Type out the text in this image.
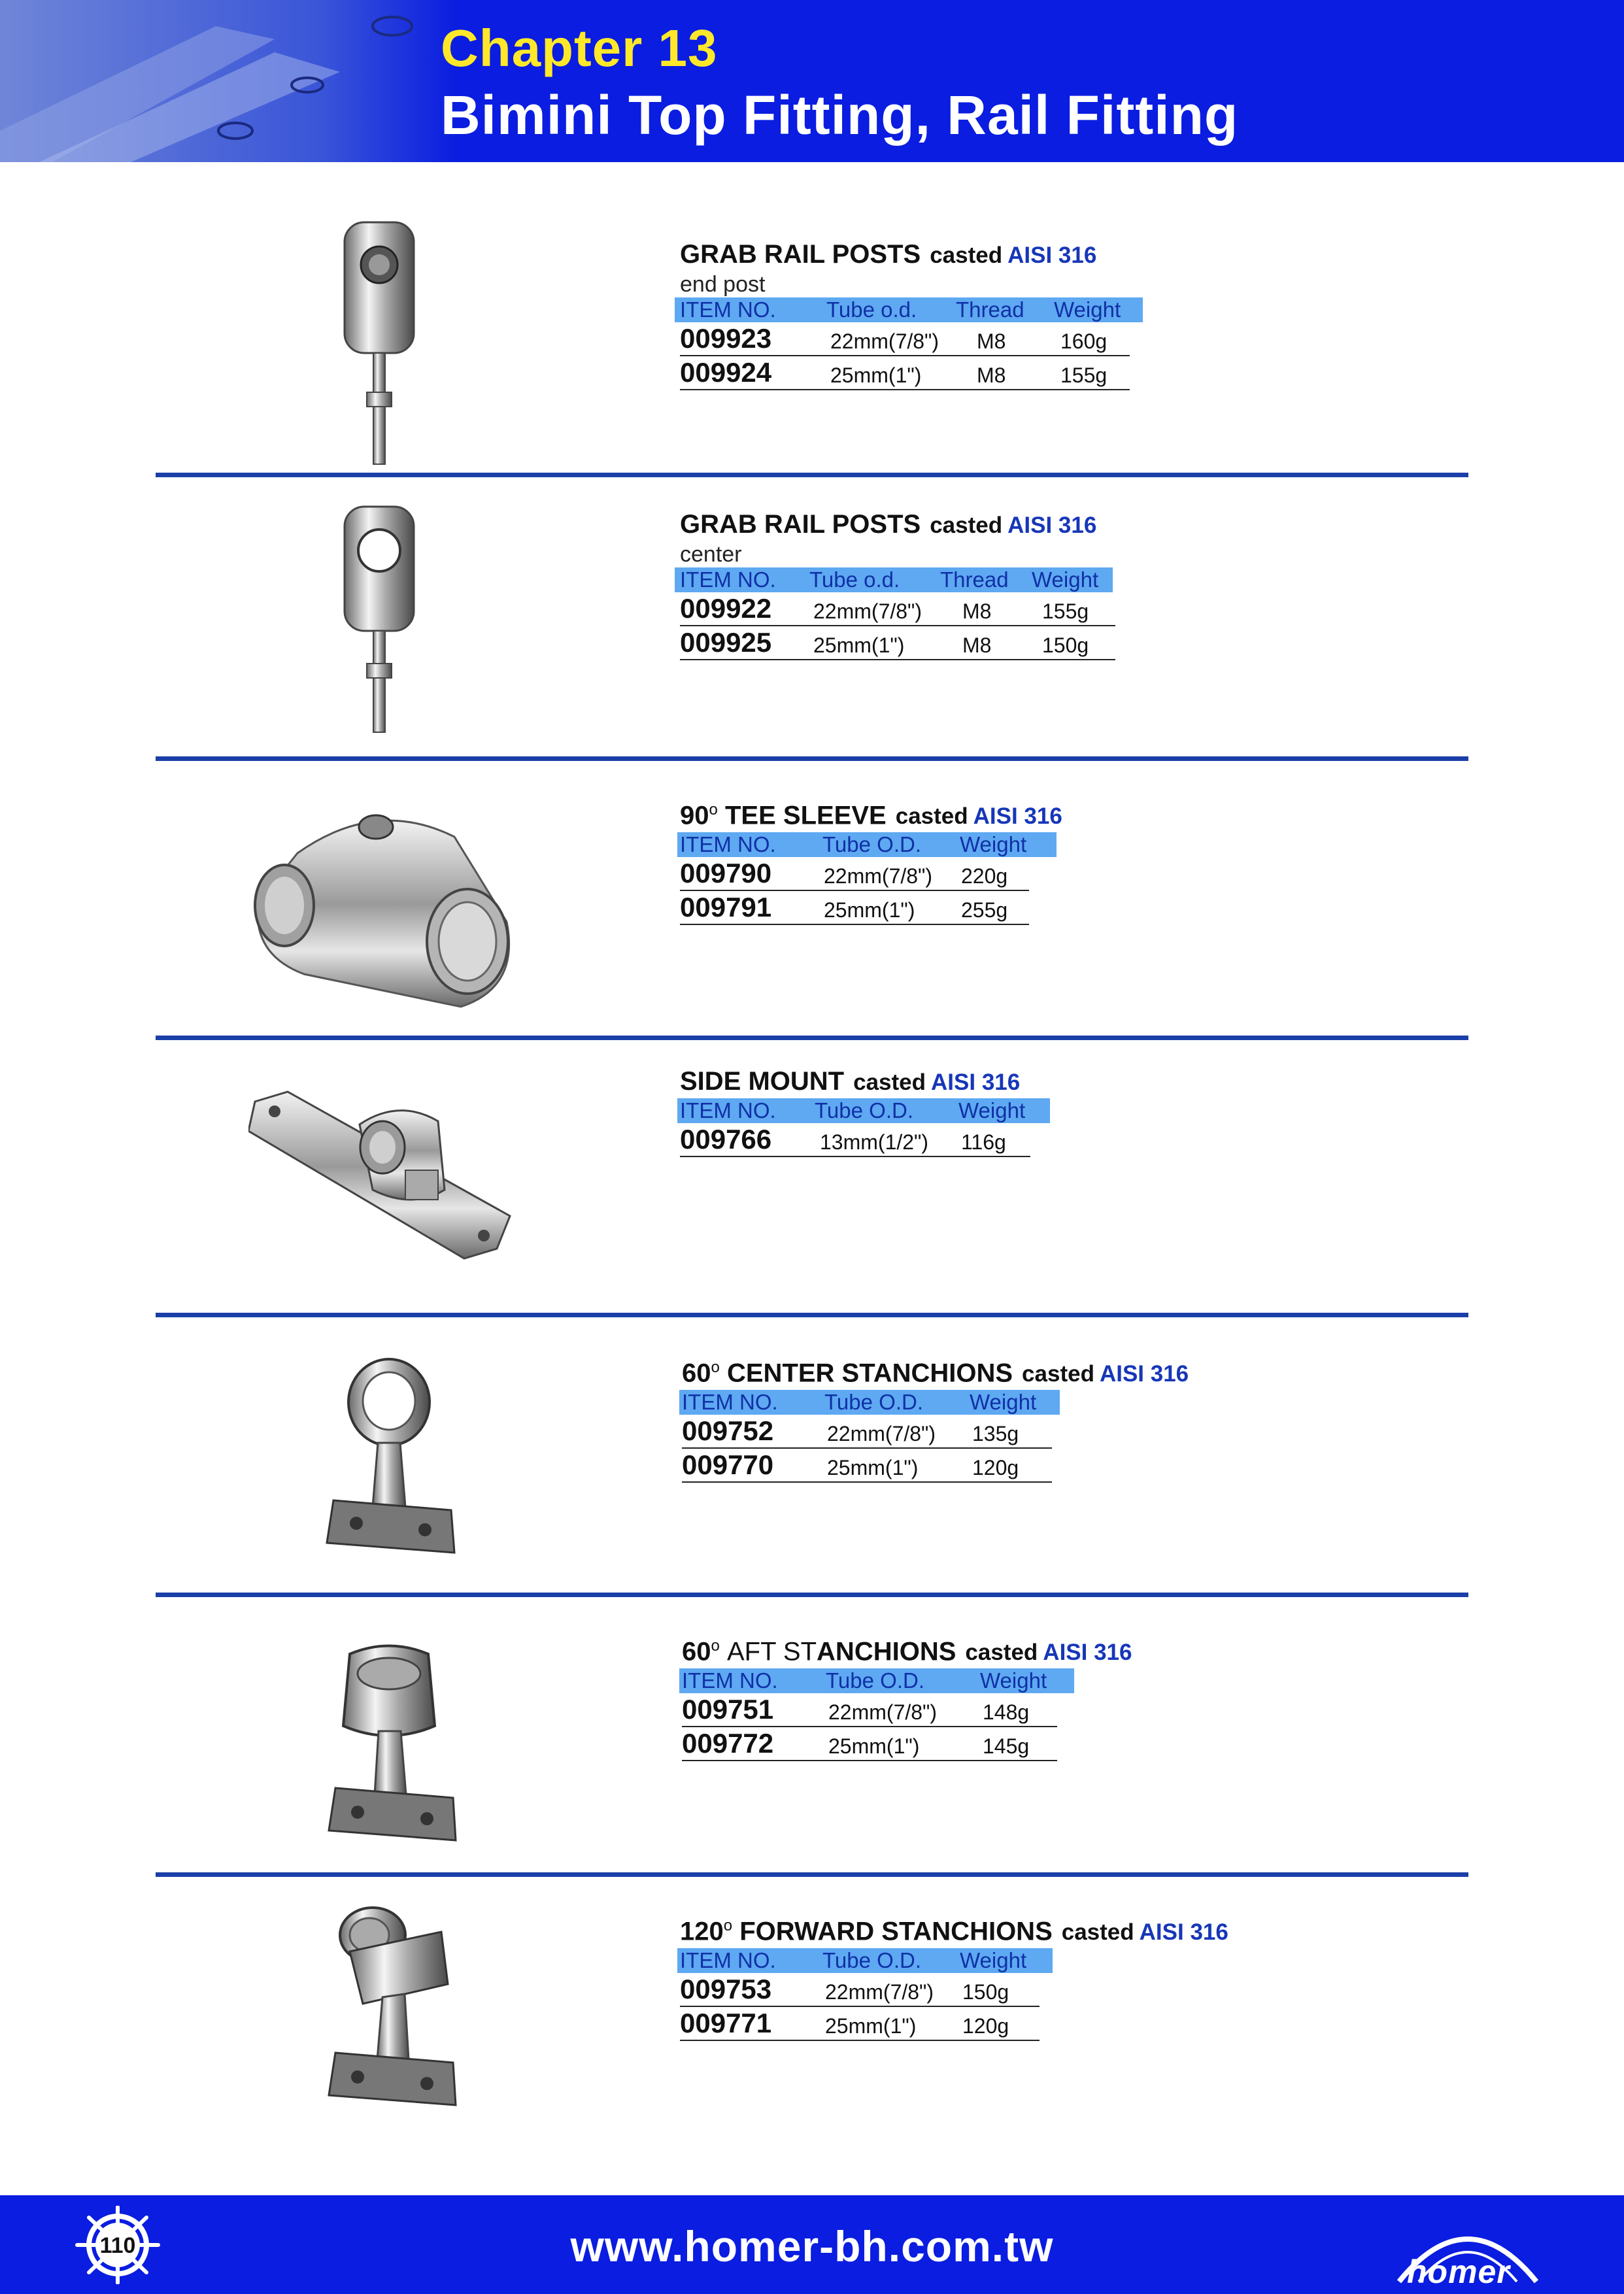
Chapter 13
Bimini Top Fitting, Rail Fitting
GRAB RAIL POSTS casted AISI 316
end post
ITEM NO. Tube o.d. Thread Weight
009923	22mm(7/8") M8	160g
009924	25mm(1")	M8	155g
GRAB RAIL POSTS casted AISI 316
center
ITEM NO. Tube o.d. Thread Weight
009922 22mm(7/8") M8 155g
009925 25mm(1")	M8 150g
90$^o$ TEE SLEEVE casted AISI 316
ITEM NO. Tube O.D. Weight
009790 22mm(7/8") 220g
009791 25mm(1") 255g
SIDE MOUNT casted AISI 316
ITEM NO. Tube O.D. Weight
009766 13mm(1/2") 116g
60$^o$ CENTER STANCHIONS casted AISI 316
ITEM NO. Tube O.D. Weight
009752	22mm(7/8") 135g
009770	25mm(1")	120g
60$^o$ AFT STANCHIONS casted AISI 316
ITEM NO. Tube O.D.	Weight
009751	22mm(7/8") 148g
009772	25mm(1")	145g
120$^o$ FORWARD STANCHIONS casted AISI 316
ITEM NO. Tube O.D. Weight
009753	22mm(7/8") 150g
009771	25mm(1") 120g
110	www.homer-bh.com.tw
homer
